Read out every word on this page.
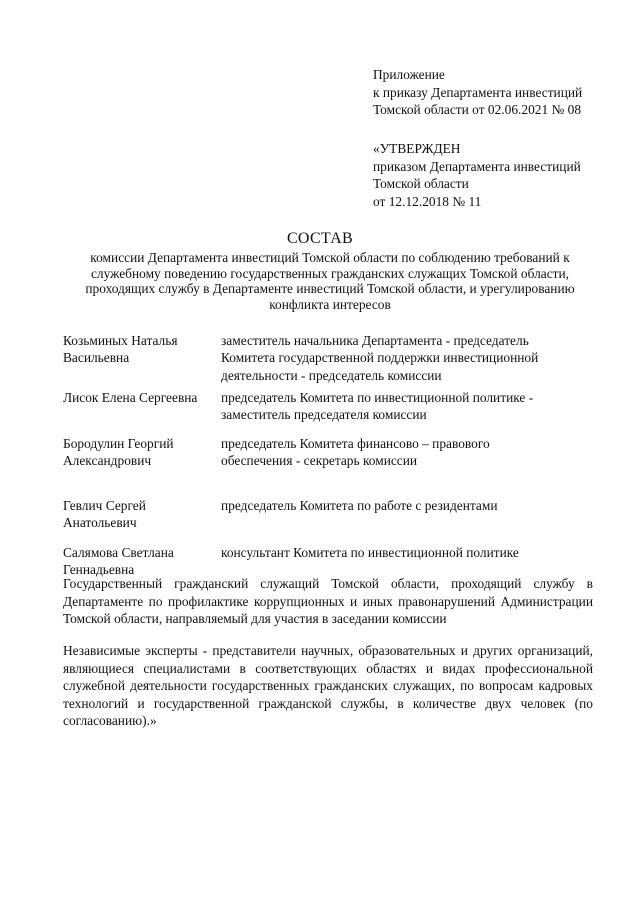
Приложение
к приказу Департамента инвестиций
Томской области от 02.06.2021 № 08
«УТВЕРЖДЕН
приказом Департамента инвестиций
Томской области
от 12.12.2018 № 11
СОСТАВ
комиссии Департамента инвестиций Томской области по соблюдению требований к
служебному поведению государственных гражданских служащих Томской области,
проходящих службу в Департаменте инвестиций Томской области, и урегулированию
конфликта интересов
Козьминых Наталья
Васильевна
заместитель начальника Департамента - председатель
Комитета государственной поддержки инвестиционной
деятельности - председатель комиссии
Лисок Елена Сергеевна	председатель Комитета по инвестиционной политике -
заместитель председателя комиссии
Бородулин Георгий
Александрович
председатель Комитета финансово – правового
обеспечения - секретарь комиссии
Гевлич Сергей
Анатольевич
председатель Комитета по работе с резидентами
Салямова Светлана
Геннадьевна
консультант Комитета по инвестиционной политике
Государственный гражданский служащий Томской области, проходящий службу в Департаменте по профилактике коррупционных и иных правонарушений Администрации Томской области, направляемый для участия в заседании комиссии
Независимые эксперты - представители научных, образовательных и других организаций, являющиеся специалистами в соответствующих областях и видах профессиональной служебной деятельности государственных гражданских служащих, по вопросам кадровых технологий и государственной гражданской службы, в количестве двух человек (по согласованию).»
